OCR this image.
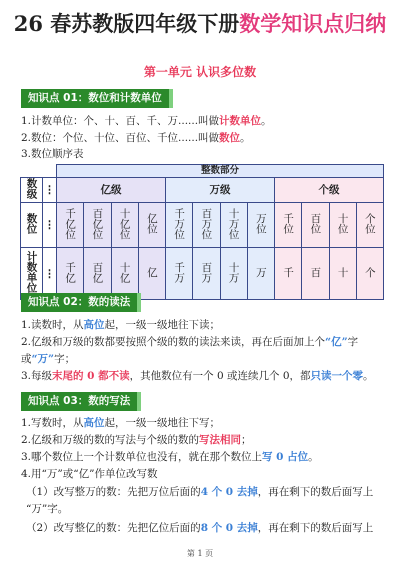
26 春苏教版四年级下册数学知识点归纳
第一单元 认识多位数
知识点 01：数位和计数单位
1.计数单位：个、十、百、千、万......叫做计数单位。
2.数位：个位、十位、百位、千位......叫做数位。
3.数位顺序表
		整数部分											
数级	⋮	亿级				万级				个级			
数位	⋮	千亿位	百亿位	十亿位	亿位	千万位	百万位	十万位	万位	千位	百位	十位	个位
计数单位	⋮	千亿	百亿	十亿	亿	千万	百万	十万	万	千	百	十	个
知识点 02：数的读法
1.读数时，从高位起，一级一级地往下读；
2.亿级和万级的数都要按照个级的数的读法来读，再在后面加上个“亿”字
或“万”字；
3.每级末尾的 0 都不读，其他数位有一个 0 或连续几个 0，都只读一个零。
知识点 03：数的写法
1.写数时，从高位起，一级一级地往下写；
2.亿级和万级的数的写法与个级的数的写法相同；
3.哪个数位上一个计数单位也没有，就在那个数位上写 0 占位。
4.用“万”或“亿”作单位改写数
（1）改写整万的数：先把万位后面的4 个 0 去掉，再在剩下的数后面写上
“万”字。
（2）改写整亿的数：先把亿位后面的8 个 0 去掉，再在剩下的数后面写上
第 1 页
